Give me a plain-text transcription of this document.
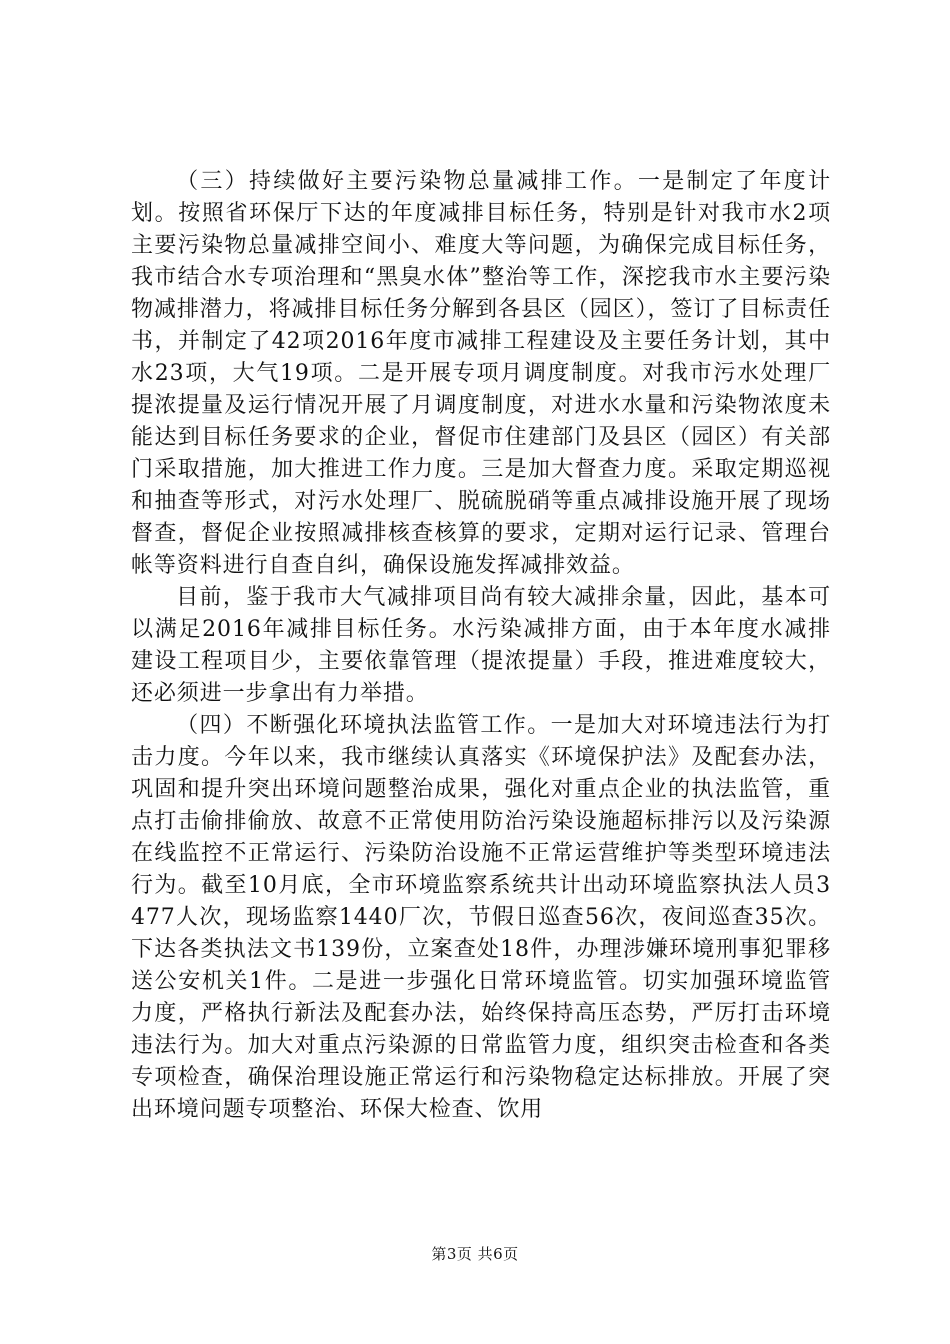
（三）持续做好主要污染物总量减排工作。一是制定了年度计划。按照省环保厅下达的年度减排目标任务，特别是针对我市水2项主要污染物总量减排空间小、难度大等问题，为确保完成目标任务，我市结合水专项治理和“黑臭水体”整治等工作，深挖我市水主要污染物减排潜力，将减排目标任务分解到各县区（园区），签订了目标责任书，并制定了42项2016年度市减排工程建设及主要任务计划，其中水23项，大气19项。二是开展专项月调度制度。对我市污水处理厂提浓提量及运行情况开展了月调度制度，对进水水量和污染物浓度未能达到目标任务要求的企业，督促市住建部门及县区（园区）有关部门采取措施，加大推进工作力度。三是加大督查力度。采取定期巡视和抽查等形式，对污水处理厂、脱硫脱硝等重点减排设施开展了现场督查，督促企业按照减排核查核算的要求，定期对运行记录、管理台帐等资料进行自查自纠，确保设施发挥减排效益。

目前，鉴于我市大气减排项目尚有较大减排余量，因此，基本可以满足2016年减排目标任务。水污染减排方面，由于本年度水减排建设工程项目少，主要依靠管理（提浓提量）手段，推进难度较大，还必须进一步拿出有力举措。

（四）不断强化环境执法监管工作。一是加大对环境违法行为打击力度。今年以来，我市继续认真落实《环境保护法》及配套办法，巩固和提升突出环境问题整治成果，强化对重点企业的执法监管，重点打击偷排偷放、故意不正常使用防治污染设施超标排污以及污染源在线监控不正常运行、污染防治设施不正常运营维护等类型环境违法行为。截至10月底，全市环境监察系统共计出动环境监察执法人员3477人次，现场监察1440厂次，节假日巡查56次，夜间巡查35次。下达各类执法文书139份，立案查处18件，办理涉嫌环境刑事犯罪移送公安机关1件。二是进一步强化日常环境监管。切实加强环境监管力度，严格执行新法及配套办法，始终保持高压态势，严厉打击环境违法行为。加大对重点污染源的日常监管力度，组织突击检查和各类专项检查，确保治理设施正常运行和污染物稳定达标排放。开展了突出环境问题专项整治、环保大检查、饮用

第3页 共6页
